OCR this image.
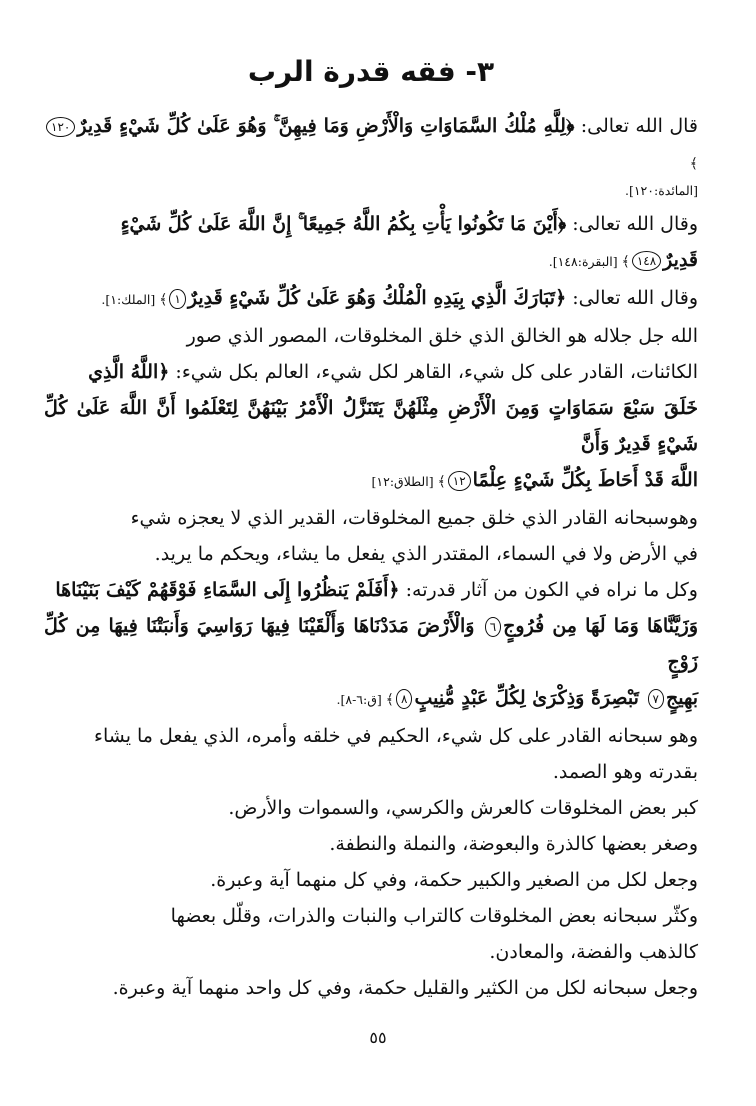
٣- فقه قدرة الرب

قال الله تعالى: ﴿لِلَّهِ مُلْكُ السَّمَاوَاتِ وَالْأَرْضِ وَمَا فِيهِنَّ ۚ وَهُوَ عَلَىٰ كُلِّ شَيْءٍ قَدِيرٌ١٢٠﴾

[المائدة:١٢٠].

وقال الله تعالى: ﴿أَيْنَ مَا تَكُونُوا يَأْتِ بِكُمُ اللَّهُ جَمِيعًا ۚ إِنَّ اللَّهَ عَلَىٰ كُلِّ شَيْءٍ

قَدِيرٌ١٤٨﴾ [البقرة:١٤٨].

وقال الله تعالى: ﴿تَبَارَكَ الَّذِي بِيَدِهِ الْمُلْكُ وَهُوَ عَلَىٰ كُلِّ شَيْءٍ قَدِيرٌ١﴾ [الملك:١].

الله جل جلاله هو الخالق الذي خلق المخلوقات، المصور الذي صور

الكائنات، القادر على كل شيء، القاهر لكل شيء، العالم بكل شيء: ﴿اللَّهُ الَّذِي

خَلَقَ سَبْعَ سَمَاوَاتٍ وَمِنَ الْأَرْضِ مِثْلَهُنَّ يَتَنَزَّلُ الْأَمْرُ بَيْنَهُنَّ لِتَعْلَمُوا أَنَّ اللَّهَ عَلَىٰ كُلِّ شَيْءٍ قَدِيرٌ وَأَنَّ

اللَّهَ قَدْ أَحَاطَ بِكُلِّ شَيْءٍ عِلْمًا١٢﴾ [الطلاق:١٢]

وهوسبحانه القادر الذي خلق جميع المخلوقات، القدير الذي لا يعجزه شيء

في الأرض ولا في السماء، المقتدر الذي يفعل ما يشاء، ويحكم ما يريد.

وكل ما نراه في الكون من آثار قدرته: ﴿أَفَلَمْ يَنظُرُوا إِلَى السَّمَاءِ فَوْقَهُمْ كَيْفَ بَنَيْنَاهَا

وَزَيَّنَّاهَا وَمَا لَهَا مِن فُرُوجٍ٦ وَالْأَرْضَ مَدَدْنَاهَا وَأَلْقَيْنَا فِيهَا رَوَاسِيَ وَأَنبَتْنَا فِيهَا مِن كُلِّ زَوْجٍ

بَهِيجٍ٧ تَبْصِرَةً وَذِكْرَىٰ لِكُلِّ عَبْدٍ مُّنِيبٍ٨﴾ [ق:٦-٨].

وهو سبحانه القادر على كل شيء، الحكيم في خلقه وأمره، الذي يفعل ما يشاء

بقدرته وهو الصمد.

كبر بعض المخلوقات كالعرش والكرسي، والسموات والأرض.

وصغر بعضها كالذرة والبعوضة، والنملة والنطفة.

وجعل لكل من الصغير والكبير حكمة، وفي كل منهما آية وعبرة.

وكثّر سبحانه بعض المخلوقات كالتراب والنبات والذرات، وقلّل بعضها

كالذهب والفضة، والمعادن.

وجعل سبحانه لكل من الكثير والقليل حكمة، وفي كل واحد منهما آية وعبرة.

٥٥
